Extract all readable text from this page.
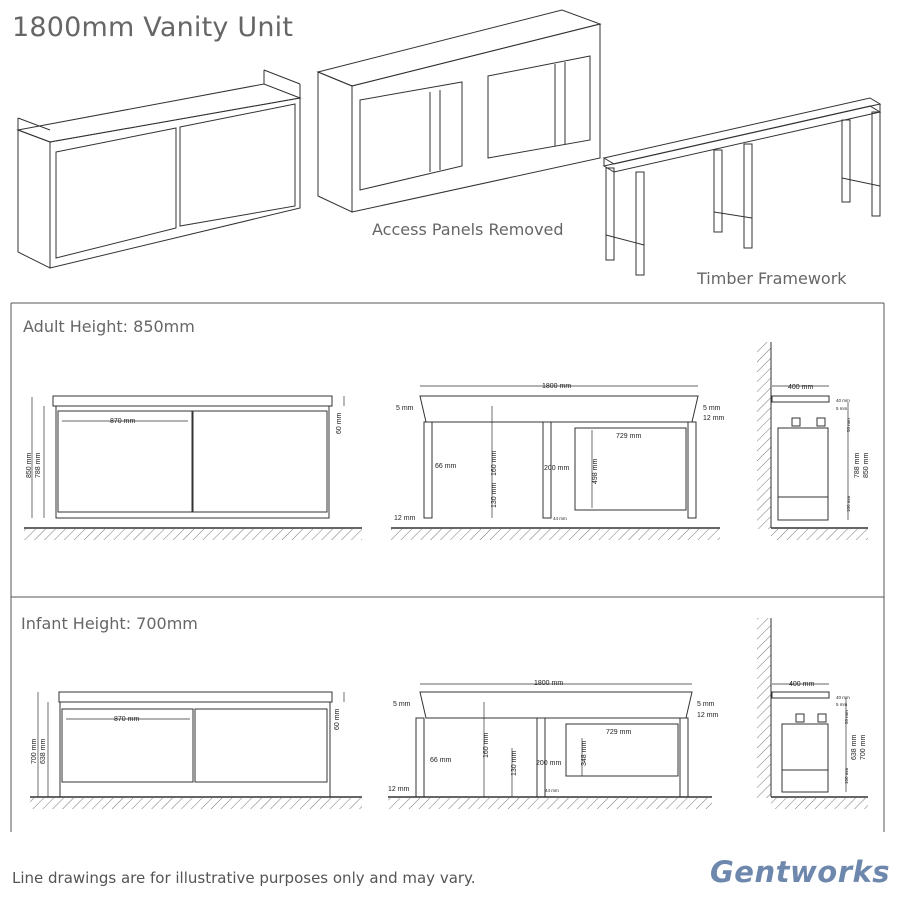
1800mm Vanity Unit
Access Panels Removed
Timber Framework
870 mm	60 mm
850 mm 788 mm
1800 mm
5 mm	5 mm
12 mm
66 mm	160 mm
130 mm
200 mm
729 mm
498 mm
12 mm	44 mm
400 mm
40 mm
5 mm
50 mm
100 mm
788 mm 850 mm
870 mm	60 mm
700 mm 638 mm
1800 mm
5 mm	5 mm
12 mm
66 mm
160 mm
130 mm	200 mm
729 mm
348 mm
12 mm	44 mm
400 mm
40 mm
5 mm
50 mm
100 mm
638 mm 700 mm
Adult Height: 850mm
Infant Height: 700mm
Line drawings are for illustrative purposes only and may vary.	Gentworks
